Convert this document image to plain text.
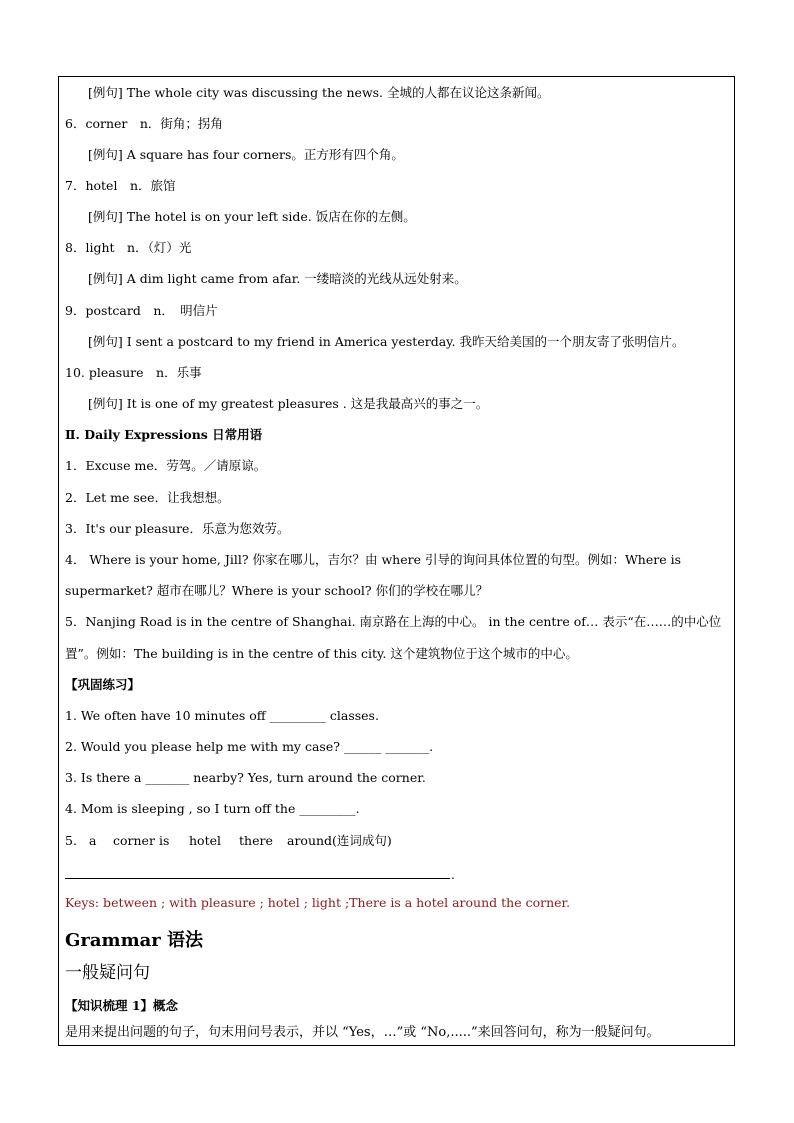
[例句] The whole city was discussing the news. 全城的人都在议论这条新闻。
6．corner　n．街角；拐角
[例句] A square has four corners。正方形有四个角。
7．hotel　n．旅馆
[例句] The hotel is on your left side. 饭店在你的左侧。
8．light　n．（灯）光
[例句] A dim light came from afar. 一缕暗淡的光线从远处射来。
9．postcard　n．　明信片
[例句] I sent a postcard to my friend in America yesterday. 我昨天给美国的一个朋友寄了张明信片。
10. pleasure　n．乐事
[例句] It is one of my greatest pleasures . 这是我最高兴的事之一。
Ⅱ. Daily Expressions 日常用语
1．Excuse me．劳驾。／请原谅。
2．Let me see．让我想想。
3．It's our pleasure．乐意为您效劳。
4． Where is your home, Jill? 你家在哪儿，吉尔？由 where 引导的询问具体位置的句型。例如：Where is
supermarket? 超市在哪儿？Where is your school? 你们的学校在哪儿？
5．Nanjing Road is in the centre of Shanghai. 南京路在上海的中心。 in the centre of… 表示“在……的中心位
置”。例如：The building is in the centre of this city. 这个建筑物位于这个城市的中心。
【巩固练习】
1. We often have 10 minutes off _________ classes.
2. Would you please help me with my case? ______ _______.
3. Is there a _______ nearby? Yes, turn around the corner.
4. Mom is sleeping , so I turn off the _________.
5. a corner is hotel there around(连词成句)
.
Keys: between ; with pleasure ; hotel ; light ;There is a hotel around the corner.
Grammar 语法
一般疑问句
【知识梳理 1】概念
是用来提出问题的句子，句末用问号表示，并以 “Yes，…”或 “No,.....”来回答问句，称为一般疑问句。
